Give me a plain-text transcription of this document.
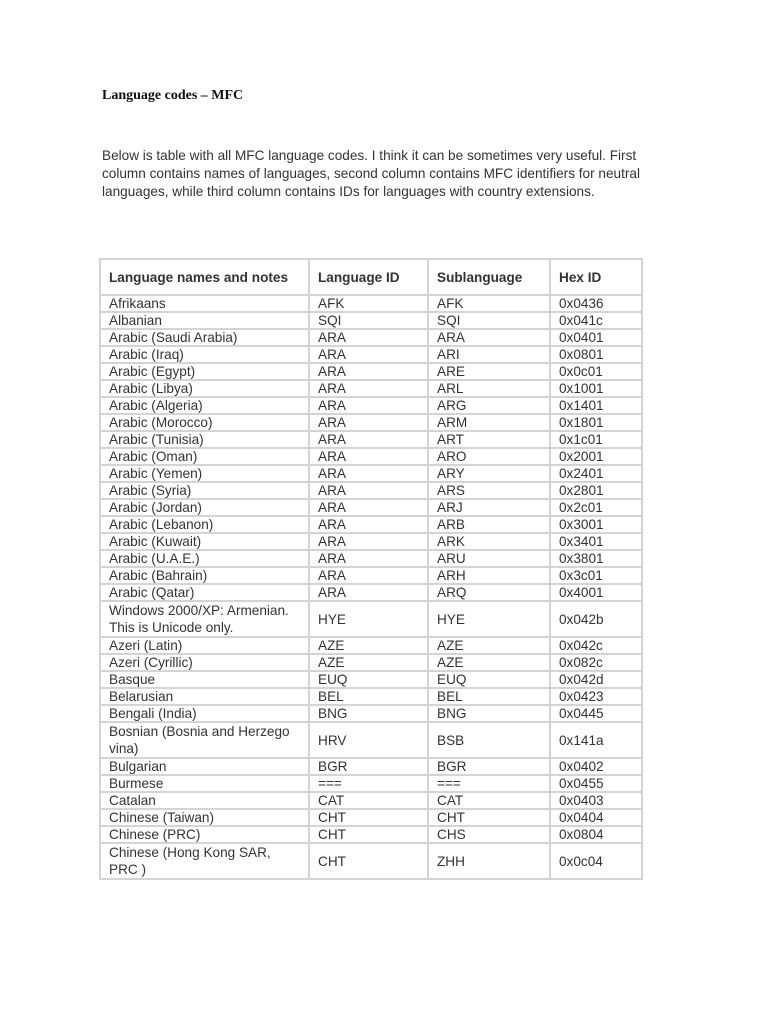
Language codes – MFC
Below is table with all MFC language codes. I think it can be sometimes very useful. First column contains names of languages, second column contains MFC identifiers for neutral languages, while third column contains IDs for languages with country extensions.
Language names and notes	Language ID	Sublanguage	Hex ID
Afrikaans	AFK	AFK	0x0436
Albanian	SQI	SQI	0x041c
Arabic (Saudi Arabia)	ARA	ARA	0x0401
Arabic (Iraq)	ARA	ARI	0x0801
Arabic (Egypt)	ARA	ARE	0x0c01
Arabic (Libya)	ARA	ARL	0x1001
Arabic (Algeria)	ARA	ARG	0x1401
Arabic (Morocco)	ARA	ARM	0x1801
Arabic (Tunisia)	ARA	ART	0x1c01
Arabic (Oman)	ARA	ARO	0x2001
Arabic (Yemen)	ARA	ARY	0x2401
Arabic (Syria)	ARA	ARS	0x2801
Arabic (Jordan)	ARA	ARJ	0x2c01
Arabic (Lebanon)	ARA	ARB	0x3001
Arabic (Kuwait)	ARA	ARK	0x3401
Arabic (U.A.E.)	ARA	ARU	0x3801
Arabic (Bahrain)	ARA	ARH	0x3c01
Arabic (Qatar)	ARA	ARQ	0x4001
Windows 2000/XP: Armenian. This is Unicode only.	HYE	HYE	0x042b
Azeri (Latin)	AZE	AZE	0x042c
Azeri (Cyrillic)	AZE	AZE	0x082c
Basque	EUQ	EUQ	0x042d
Belarusian	BEL	BEL	0x0423
Bengali (India)	BNG	BNG	0x0445
Bosnian (Bosnia and Herzego vina)	HRV	BSB	0x141a
Bulgarian	BGR	BGR	0x0402
Burmese	===	===	0x0455
Catalan	CAT	CAT	0x0403
Chinese (Taiwan)	CHT	CHT	0x0404
Chinese (PRC)	CHT	CHS	0x0804
Chinese (Hong Kong SAR, PRC )	CHT	ZHH	0x0c04
